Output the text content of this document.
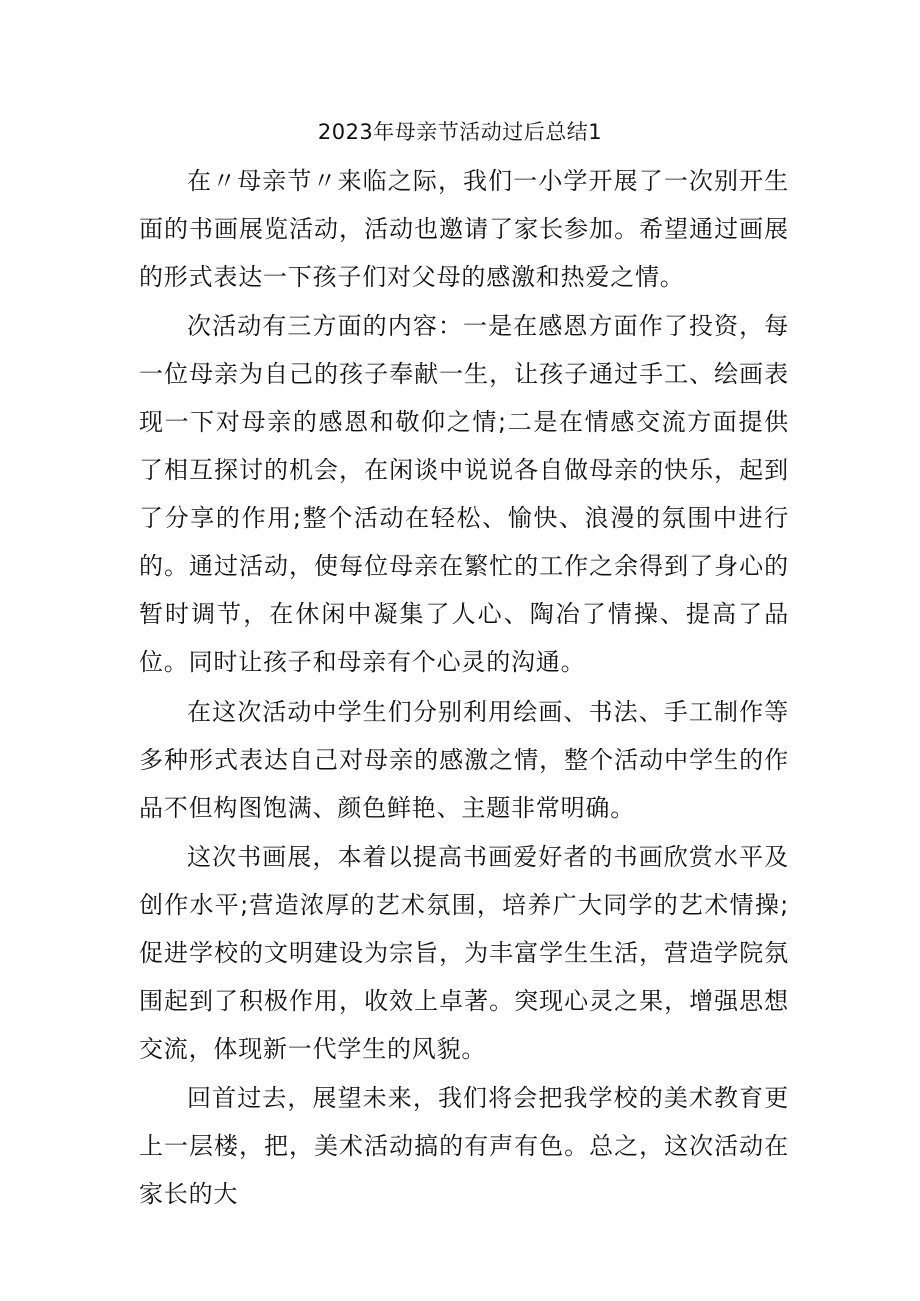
2023年母亲节活动过后总结1

在〃母亲节〃来临之际，我们一小学开展了一次别开生面的书画展览活动，活动也邀请了家长参加。希望通过画展的形式表达一下孩子们对父母的感激和热爱之情。

次活动有三方面的内容：一是在感恩方面作了投资，每一位母亲为自己的孩子奉献一生，让孩子通过手工、绘画表现一下对母亲的感恩和敬仰之情;二是在情感交流方面提供了相互探讨的机会，在闲谈中说说各自做母亲的快乐，起到了分享的作用;整个活动在轻松、愉快、浪漫的氛围中进行的。通过活动，使每位母亲在繁忙的工作之余得到了身心的暂时调节，在休闲中凝集了人心、陶冶了情操、提高了品位。同时让孩子和母亲有个心灵的沟通。

在这次活动中学生们分别利用绘画、书法、手工制作等多种形式表达自己对母亲的感激之情，整个活动中学生的作品不但构图饱满、颜色鲜艳、主题非常明确。

这次书画展，本着以提高书画爱好者的书画欣赏水平及创作水平;营造浓厚的艺术氛围，培养广大同学的艺术情操;促进学校的文明建设为宗旨，为丰富学生生活，营造学院氛围起到了积极作用，收效上卓著。突现心灵之果，增强思想交流，体现新一代学生的风貌。

回首过去，展望未来，我们将会把我学校的美术教育更上一层楼，把，美术活动搞的有声有色。总之，这次活动在家长的大
